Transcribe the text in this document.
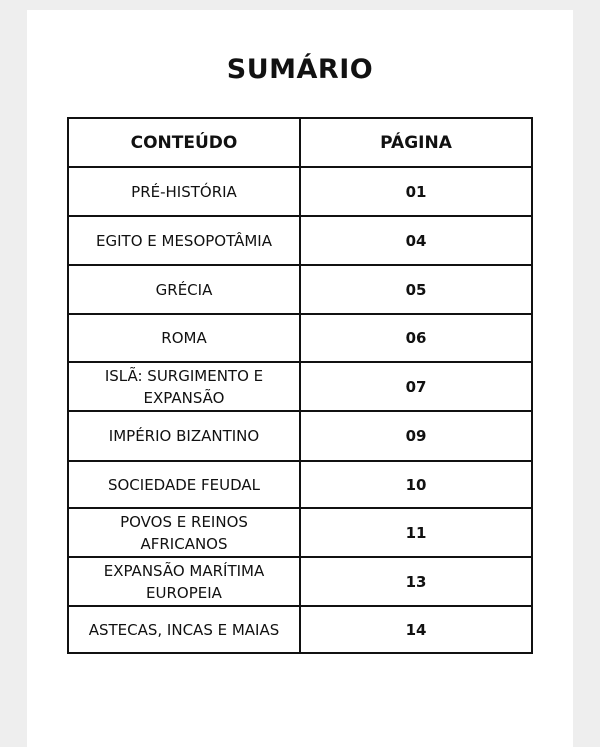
SUMÁRIO
CONTEÚDO	PÁGINA
PRÉ-HISTÓRIA	01
EGITO E MESOPOTÂMIA	04
GRÉCIA	05
ROMA	06
ISLÃ: SURGIMENTO E EXPANSÃO	07
IMPÉRIO BIZANTINO	09
SOCIEDADE FEUDAL	10
POVOS E REINOS AFRICANOS	11
EXPANSÃO MARÍTIMA EUROPEIA	13
ASTECAS, INCAS E MAIAS	14
